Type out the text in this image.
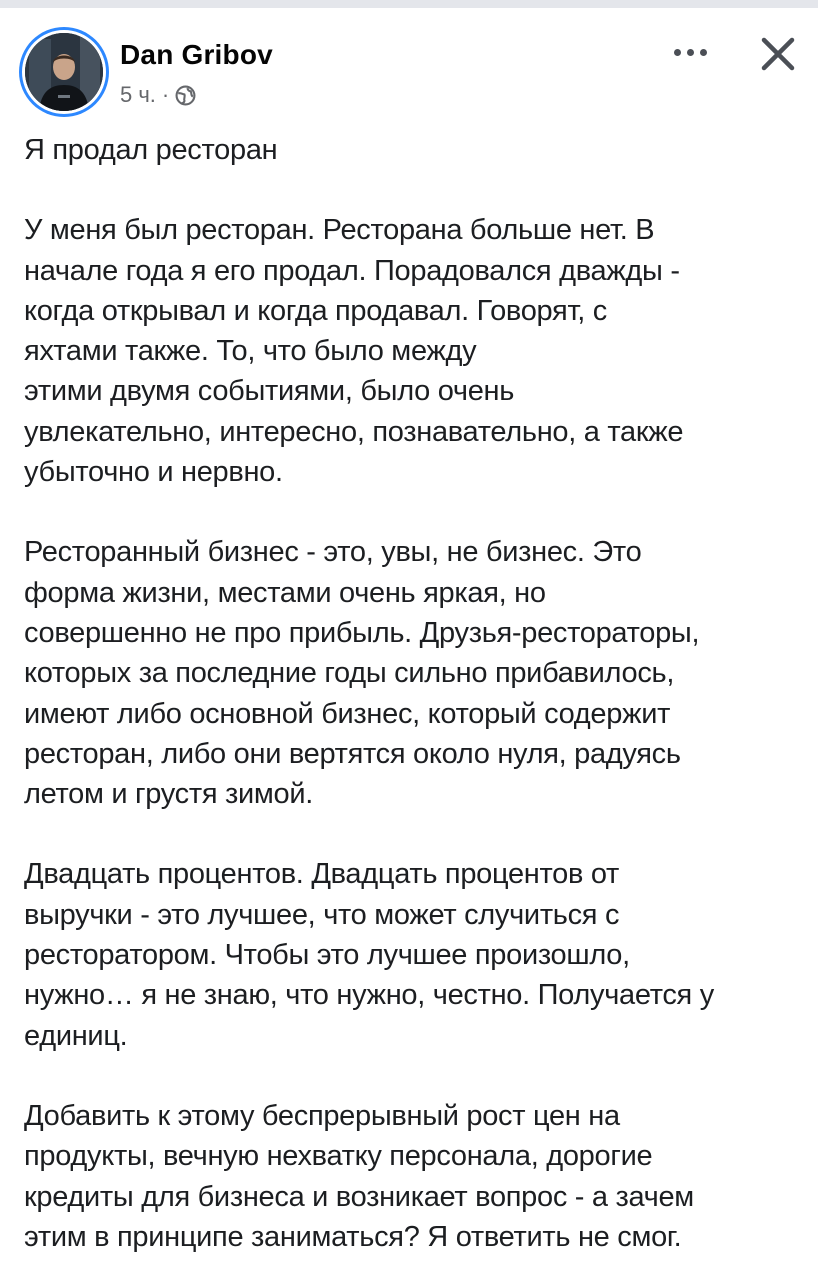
Dan Gribov
5 ч. ·

Я продал ресторан

У меня был ресторан. Ресторана больше нет. В
начале года я его продал. Порадовался дважды -
когда открывал и когда продавал. Говорят, с
яхтами также. То, что было между
этими двумя событиями, было очень
увлекательно, интересно, познавательно, а также
убыточно и нервно.

Ресторанный бизнес - это, увы, не бизнес. Это
форма жизни, местами очень яркая, но
совершенно не про прибыль. Друзья-рестораторы,
которых за последние годы сильно прибавилось,
имеют либо основной бизнес, который содержит
ресторан, либо они вертятся около нуля, радуясь
летом и грустя зимой.

Двадцать процентов. Двадцать процентов от
выручки - это лучшее, что может случиться с
ресторатором. Чтобы это лучшее произошло,
нужно… я не знаю, что нужно, честно. Получается у
единиц.

Добавить к этому беспрерывный рост цен на
продукты, вечную нехватку персонала, дорогие
кредиты для бизнеса и возникает вопрос - а зачем
этим в принципе заниматься? Я ответить не смог.
